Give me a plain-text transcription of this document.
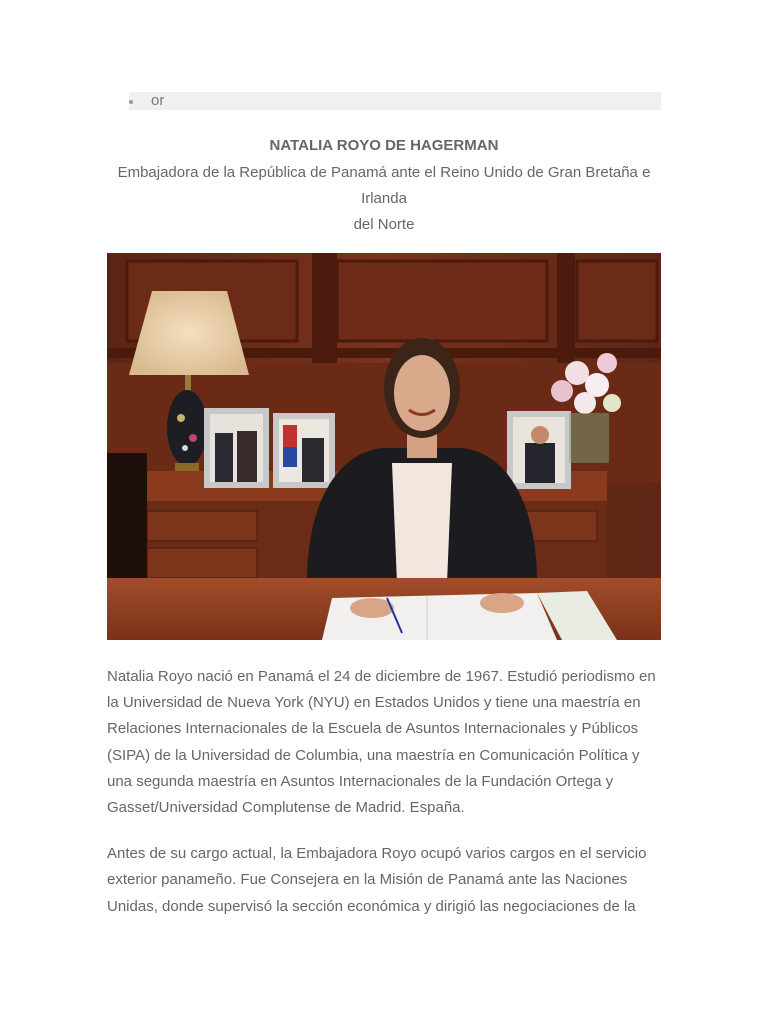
or
NATALIA ROYO DE HAGERMAN
Embajadora de la República de Panamá ante el Reino Unido de Gran Bretaña e
Irlanda
del Norte

Natalia Royo nació en Panamá el 24 de diciembre de 1967. Estudió periodismo en la Universidad de Nueva York (NYU) en Estados Unidos y tiene una maestría en Relaciones Internacionales de la Escuela de Asuntos Internacionales y Públicos (SIPA) de la Universidad de Columbia, una maestría en Comunicación Política y una segunda maestría en Asuntos Internacionales de la Fundación Ortega y Gasset/Universidad Complutense de Madrid. España.

Antes de su cargo actual, la Embajadora Royo ocupó varios cargos en el servicio exterior panameño. Fue Consejera en la Misión de Panamá ante las Naciones Unidas, donde supervisó la sección económica y dirigió las negociaciones de la
